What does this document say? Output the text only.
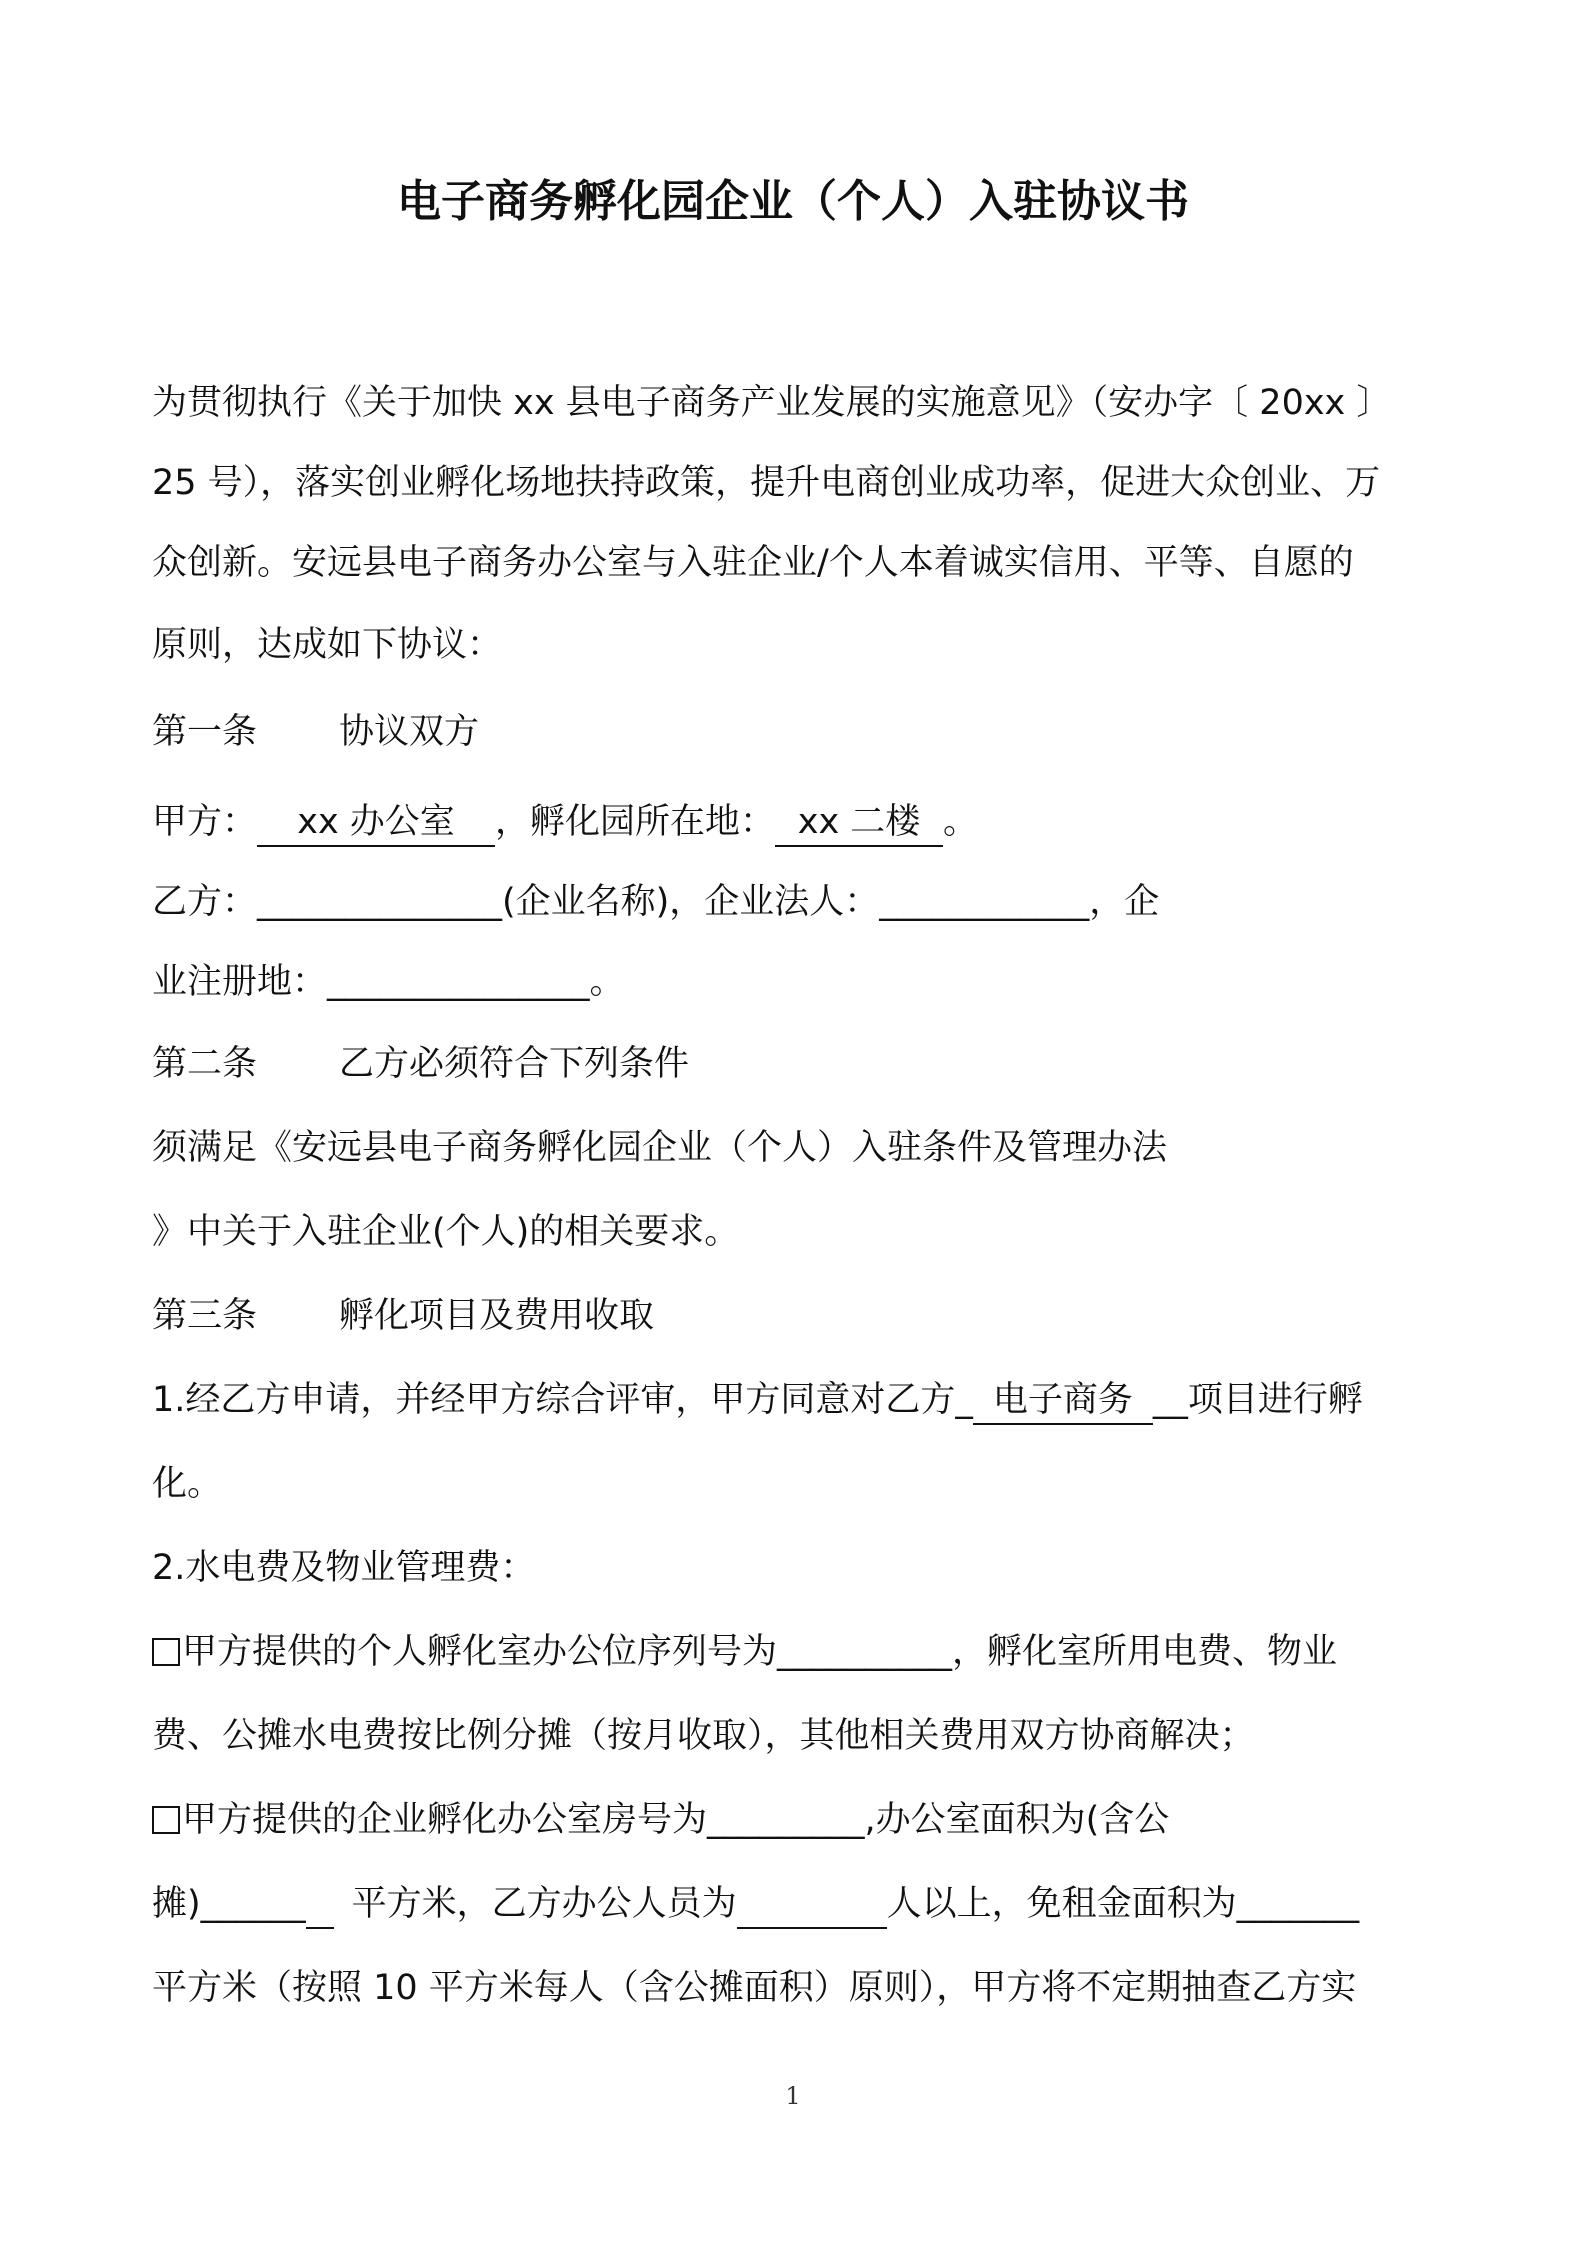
电子商务孵化园企业（个人）入驻协议书
为贯彻执行《关于加快 xx 县电子商务产业发展的实施意见》（安办字〔 20xx 〕
25 号），落实创业孵化场地扶持政策，提升电商创业成功率，促进大众创业、万
众创新。安远县电子商务办公室与入驻企业/个人本着诚实信用、平等、自愿的
原则，达成如下协议：
第一条 协议双方
甲方： xx 办公室 ，孵化园所在地： xx 二楼 。
乙方：______________(企业名称)，企业法人：____________，企
业注册地：_______________。
第二条 乙方必须符合下列条件
须满足《安远县电子商务孵化园企业（个人）入驻条件及管理办法
》中关于入驻企业(个人)的相关要求。
第三条 孵化项目及费用收取
1.经乙方申请，并经甲方综合评审，甲方同意对乙方_ 电子商务 __项目进行孵
化。
2.水电费及物业管理费：
甲方提供的个人孵化室办公位序列号为__________，孵化室所用电费、物业
费、公摊水电费按比例分摊（按月收取），其他相关费用双方协商解决；
甲方提供的企业孵化办公室房号为_________,办公室面积为(含公
摊)______ 平方米，乙方办公人员为	人以上，免租金面积为_______
平方米（按照 10 平方米每人（含公摊面积）原则），甲方将不定期抽查乙方实
1
